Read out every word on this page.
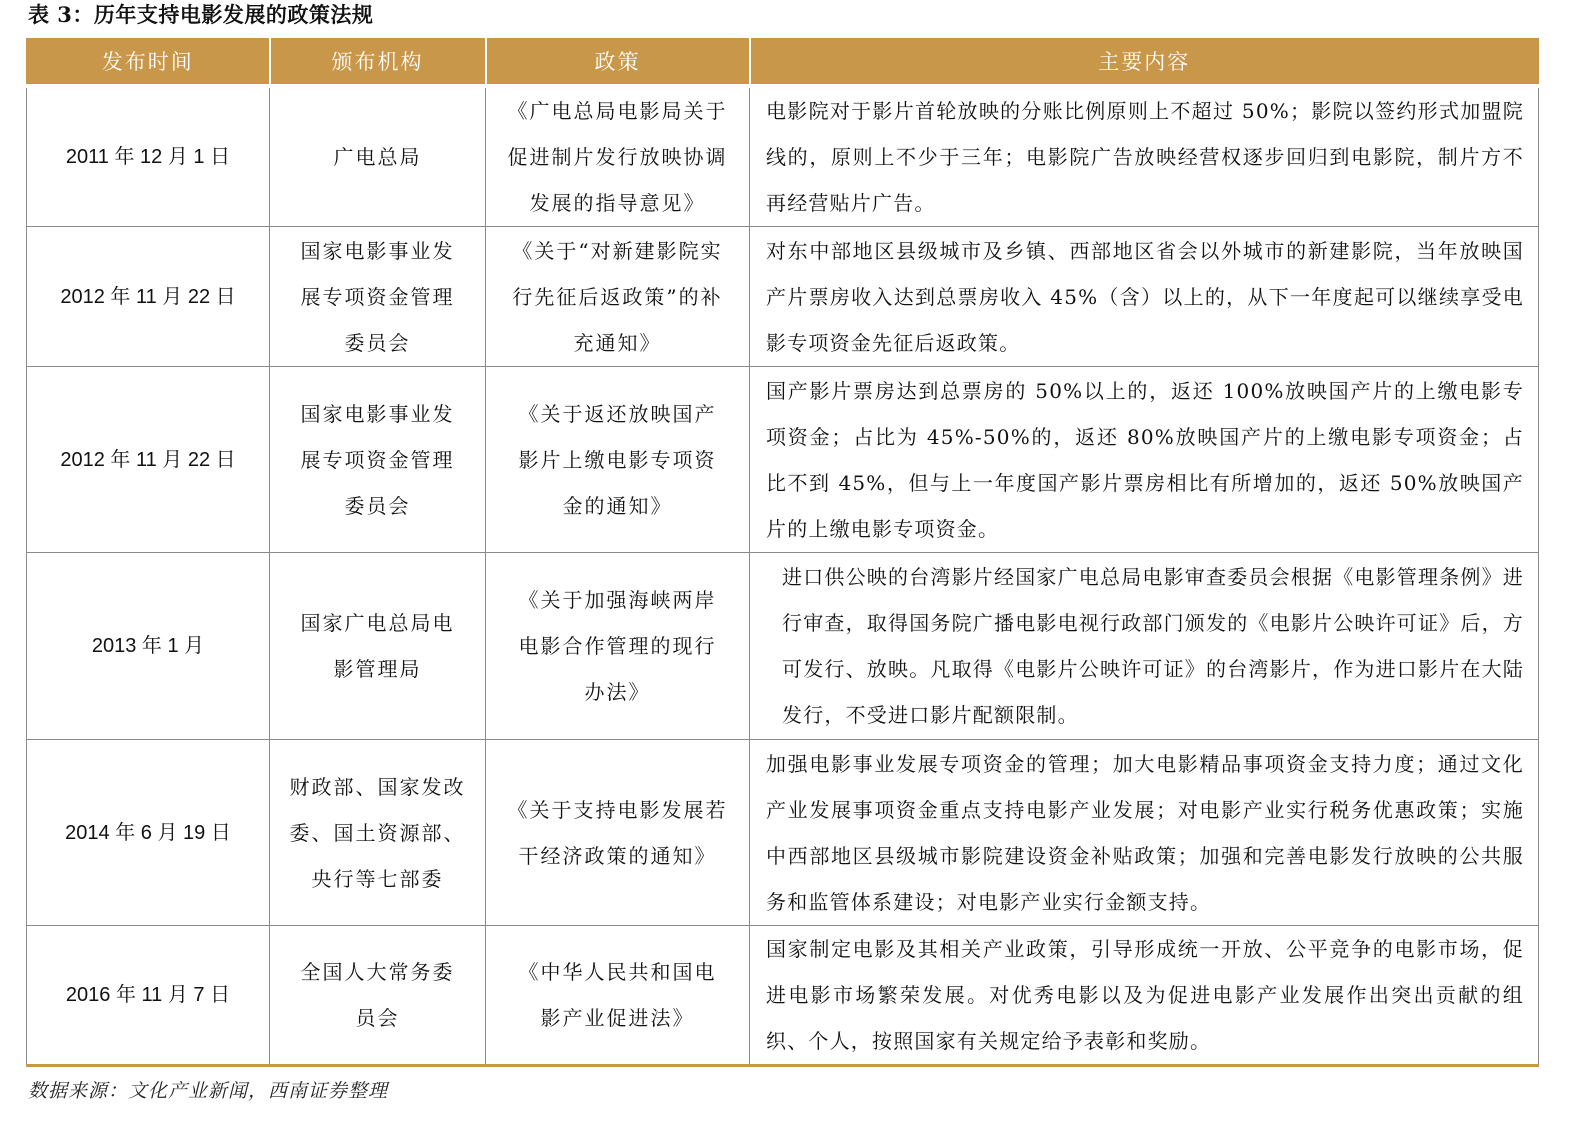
表 3：历年支持电影发展的政策法规
发布时间	颁布机构	政策	主要内容
2011 年 12 月 1 日	广电总局	《广电总局电影局关于促进制片发行放映协调发展的指导意见》	电影院对于影片首轮放映的分账比例原则上不超过 50%；影院以签约形式加盟院线的，原则上不少于三年；电影院广告放映经营权逐步回归到电影院，制片方不再经营贴片广告。
2012 年 11 月 22 日	国家电影事业发展专项资金管理委员会	《关于“对新建影院实行先征后返政策”的补充通知》	对东中部地区县级城市及乡镇、西部地区省会以外城市的新建影院，当年放映国产片票房收入达到总票房收入 45%（含）以上的，从下一年度起可以继续享受电影专项资金先征后返政策。
2012 年 11 月 22 日	国家电影事业发展专项资金管理委员会	《关于返还放映国产影片上缴电影专项资金的通知》	国产影片票房达到总票房的 50%以上的，返还 100%放映国产片的上缴电影专项资金；占比为 45%-50%的，返还 80%放映国产片的上缴电影专项资金；占比不到 45%，但与上一年度国产影片票房相比有所增加的，返还 50%放映国产片的上缴电影专项资金。
2013 年 1 月	国家广电总局电影管理局	《关于加强海峡两岸电影合作管理的现行办法》	进口供公映的台湾影片经国家广电总局电影审查委员会根据《电影管理条例》进行审查，取得国务院广播电影电视行政部门颁发的《电影片公映许可证》后，方可发行、放映。凡取得《电影片公映许可证》的台湾影片，作为进口影片在大陆发行，不受进口影片配额限制。
2014 年 6 月 19 日	财政部、国家发改委、国土资源部、央行等七部委	《关于支持电影发展若干经济政策的通知》	加强电影事业发展专项资金的管理；加大电影精品事项资金支持力度；通过文化产业发展事项资金重点支持电影产业发展；对电影产业实行税务优惠政策；实施中西部地区县级城市影院建设资金补贴政策；加强和完善电影发行放映的公共服务和监管体系建设；对电影产业实行金额支持。
2016 年 11 月 7 日	全国人大常务委员会	《中华人民共和国电影产业促进法》	国家制定电影及其相关产业政策，引导形成统一开放、公平竞争的电影市场，促进电影市场繁荣发展。对优秀电影以及为促进电影产业发展作出突出贡献的组织、个人，按照国家有关规定给予表彰和奖励。
数据来源：文化产业新闻，西南证券整理
